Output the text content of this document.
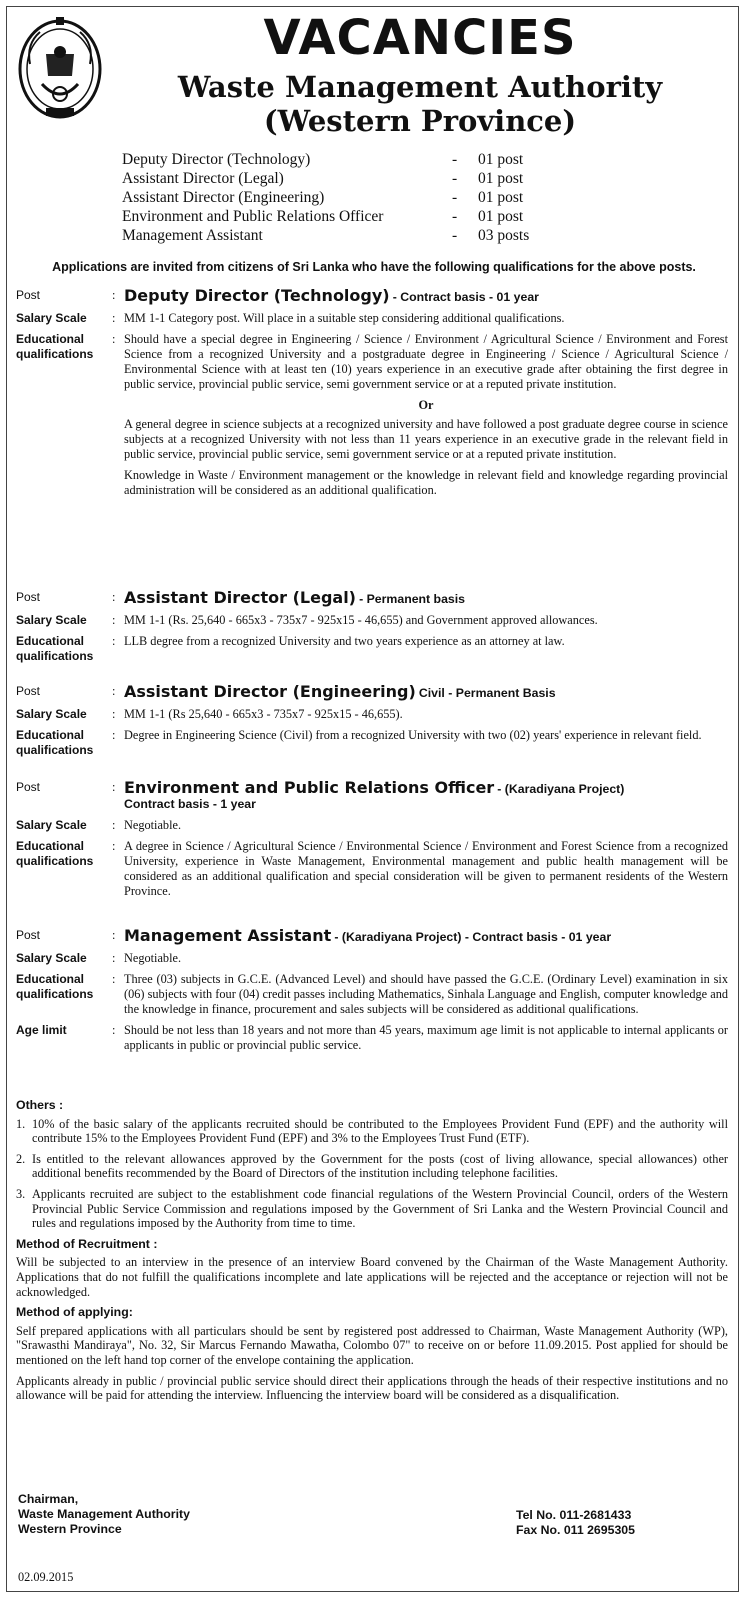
VACANCIES
Waste Management Authority
(Western Province)
Deputy Director (Technology)	-	01 post
Assistant Director (Legal)	-	01 post
Assistant Director (Engineering)	-	01 post
Environment and Public Relations Officer	-	01 post
Management Assistant	-	03 posts
Applications are invited from citizens of Sri Lanka who have the following qualifications for the above posts.
Post	: Deputy Director (Technology) - Contract basis - 01 year
Salary Scale	: MM 1-1 Category post. Will place in a suitable step considering additional qualifications.
Educational qualifications
: Should have a special degree in Engineering / Science / Environment / Agricultural Science / Environment and Forest Science from a recognized University and a postgraduate degree in Engineering / Science / Agricultural Science / Environmental Science with at least ten (10) years experience in an executive grade after obtaining the first degree in public service, provincial public service, semi government service or at a reputed private institution.
Or
A general degree in science subjects at a recognized university and have followed a post graduate degree course in science subjects at a recognized University with not less than 11 years experience in an executive grade in the relevant field in public service, provincial public service, semi government service or at a reputed private institution.
Knowledge in Waste / Environment management or the knowledge in relevant field and knowledge regarding provincial administration will be considered as an additional qualification.
Post	: Assistant Director (Legal) - Permanent basis
Salary Scale	: MM 1-1 (Rs. 25,640 - 665x3 - 735x7 - 925x15 - 46,655) and Government approved allowances.
Educational qualifications
: LLB degree from a recognized University and two years experience as an attorney at law.
Post	: Assistant Director (Engineering) Civil - Permanent Basis
Salary Scale	: MM 1-1 (Rs 25,640 - 665x3 - 735x7 - 925x15 - 46,655).
Educational qualifications
: Degree in Engineering Science (Civil) from a recognized University with two (02) years' experience in relevant field.
Post	: Environment and Public Relations Officer - (Karadiyana Project)
Contract basis - 1 year
Salary Scale	: Negotiable.
Educational qualifications
: A degree in Science / Agricultural Science / Environmental Science / Environment and Forest Science from a recognized University, experience in Waste Management, Environmental management and public health management will be considered as an additional qualification and special consideration will be given to permanent residents of the Western Province.
Post	: Management Assistant - (Karadiyana Project) - Contract basis - 01 year
Salary Scale	: Negotiable.
Educational qualifications
: Three (03) subjects in G.C.E. (Advanced Level) and should have passed the G.C.E. (Ordinary Level) examination in six (06) subjects with four (04) credit passes including Mathematics, Sinhala Language and English, computer knowledge and the knowledge in finance, procurement and sales subjects will be considered as additional qualifications.
Age limit	: Should be not less than 18 years and not more than 45 years, maximum age limit is not applicable to internal applicants or applicants in public or provincial public service.
Others :
1. 10% of the basic salary of the applicants recruited should be contributed to the Employees Provident Fund (EPF) and the authority will contribute 15% to the Employees Provident Fund (EPF) and 3% to the Employees Trust Fund (ETF).
2. Is entitled to the relevant allowances approved by the Government for the posts (cost of living allowance, special allowances) other additional benefits recommended by the Board of Directors of the institution including telephone facilities.
3. Applicants recruited are subject to the establishment code financial regulations of the Western Provincial Council, orders of the Western Provincial Public Service Commission and regulations imposed by the Government of Sri Lanka and the Western Provincial Council and rules and regulations imposed by the Authority from time to time.
Method of Recruitment :
Will be subjected to an interview in the presence of an interview Board convened by the Chairman of the Waste Management Authority. Applications that do not fulfill the qualifications incomplete and late applications will be rejected and the acceptance or rejection will not be acknowledged.
Method of applying:
Self prepared applications with all particulars should be sent by registered post addressed to Chairman, Waste Management Authority (WP), "Srawasthi Mandiraya", No. 32, Sir Marcus Fernando Mawatha, Colombo 07" to receive on or before 11.09.2015. Post applied for should be mentioned on the left hand top corner of the envelope containing the application.
Applicants already in public / provincial public service should direct their applications through the heads of their respective institutions and no allowance will be paid for attending the interview. Influencing the interview board will be considered as a disqualification.
Chairman,
Waste Management Authority
Western Province
Tel No. 011-2681433
Fax No. 011 2695305
02.09.2015
